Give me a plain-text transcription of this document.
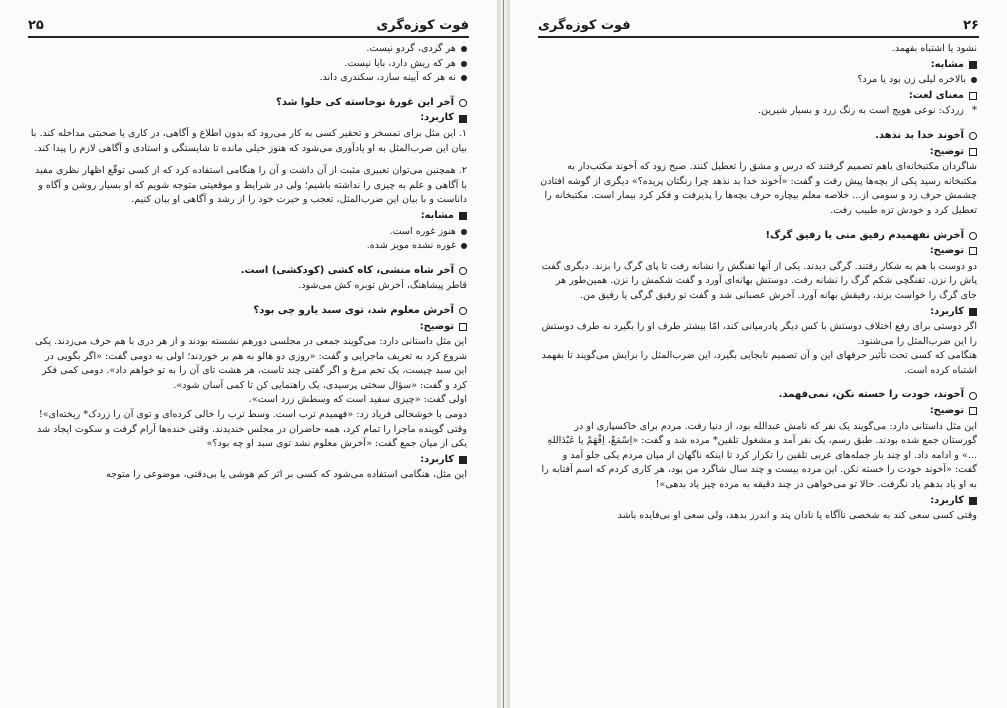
۲۵	فوت کوزه‌گری
هر گردی، گردو نیست.
هر که ریش دارد، بابا نیست.
نه هر که آیینه سازد، سکندری داند.
آخر این غورهٔ نوخاسته کی حلوا شد؟
کاربرد:

۱. این مثل برای تمسخر و تحقیر کسی به کار می‌رود که بدون اطلاع و آگاهی، در کاری یا صحبتی مداخله کند. با بیان این ضرب‌المثل به او یادآوری می‌شود که هنوز خیلی مانده تا شایستگی و استادی و آگاهی لازم را پیدا کند.

۲. همچنین می‌توان تعبیری مثبت از آن داشت و آن را هنگامی استفاده کرد که از کسی توقّع اظهار نظری مفید با آگاهی و علم به چیزی را نداشته باشیم؛ ولی در شرایط و موقعیتی متوجه شویم که او بسیار روشن و آگاه و داناست و با بیان این ضرب‌المثل، تعجب و حیرت خود را از رشد و آگاهی او بیان کنیم.

مشابه:
هنوز غوره است.
غوره نشده مویز شده.
آخر شاه منشی، کاه کشی (کودکشی) است.

قاطر پیشاهنگ، آخرش توبره کش می‌شود.

آخرش معلوم شد، توی سبد یارو چی بود؟
توضیح:

این مثل داستانی دارد: می‌گویند جمعی در مجلسی دورهم نشسته بودند و از هر دری با هم حرف می‌زدند. یکی شروع کرد به تعریف ماجرایی و گفت: «روزی دو هالو به هم بر خوردند؛ اولی به دومی گفت: «اگر بگویی در این سبد چیست، یک تخم مرغ و اگر گفتی چند تاست، هر هشت تای آن را به تو خواهم داد». دومی کمی فکر کرد و گفت: «سؤال سختی پرسیدی، یک راهنمایی کن تا کمی آسان شود».

اولی گفت: «چیزی سفید است که وسطش زرد است».

دومی با خوشحالی فریاد زد: «فهمیدم ترب است. وسط ترب را خالی کرده‌ای و توی آن را زردک* ریخته‌ای»!

وقتی گوینده ماجرا را تمام کرد، همه حاضران در مجلس خندیدند. وقتی خنده‌ها آرام گرفت و سکوت ایجاد شد یکی از میان جمع گفت: «آخرش معلوم نشد توی سبد او چه بود؟»

کاربرد:

این مثل، هنگامی استفاده می‌شود که کسی بر اثر کم هوشی یا بی‌دقتی، موضوعی را متوجه

فوت کوزه‌گری	۲۶

نشود یا اشتباه بفهمد.

مشابه:
بالاخره لیلی زن بود یا مرد؟
معنای لغت:
*
زردک: نوعی هویج است به رنگ زرد و بسیار شیرین.
آخوند خدا بد نذهد.
توضیح:

شاگردان مکتبخانه‌ای باهم تصمیم گرفتند که درس و مشق را تعطیل کنند. صبح زود که آخوند مکتب‌دار به مکتبخانه رسید یکی از بچه‌ها پیش رفت و گفت: «آخوند خدا بد نذهد چرا رنگتان پریده؟» دیگری از گوشه افتادن چشمش حرف زد و سومی از... خلاصه معلم بیچاره حرف بچه‌ها را پذیرفت و فکر کرد بیمار است. مکتبخانه را تعطیل کرد و خودش تزه طبیب رفت.

آخرش نفهمیدم رفیق منی یا رفیق گرگ!
توضیح:

دو دوست با هم به شکار رفتند. گرگی دیدند. یکی از آنها تفنگش را نشانه رفت تا پای گرگ را بزند. دیگری گفت پاش را نزن. تفنگچی شکم گرگ را نشانه رفت. دوستش بهانه‌ای آورد و گفت شکمش را نزن. همین‌طور هر جای گرگ را خواست بزند، رفیقش بهانه آورد. آخرش عصبانی شد و گفت تو رفیق گرگی یا رفیق من.

کاربرد:

اگر دوستی برای رفع اختلاف دوستش با کس دیگر پادرمیانی کند، امّا بیشتر طرف او را بگیرد نه طرف دوستش را این ضرب‌المثل را می‌شنود.

هنگامی که کسی تحت تأثیر حرفهای این و آن تصمیم نابجایی بگیرد، این ضرب‌المثل را برایش می‌گویند تا بفهمد اشتباه کرده است.

آخوند، خودت را خسته نکن، نمی‌فهمد.
توضیح:

این مثل داستانی دارد: می‌گویند یک نفر که نامش عبدالله بود، از دنیا رفت. مردم برای خاکسپاری او در گورستان جمع شده بودند. طبق رسم، یک نفر آمد و مشغول تلقین* مرده شد و گفت: «اِسْمَعْ، اِفْهَمْ یا عَبْدَاللهِ ...» و ادامه داد. او چند بار جمله‌های عربی تلقین را تکرار کرد تا اینکه ناگهان از میان مردم یکی جلو آمد و گفت: «آخوند خودت را خسته نکن. این مرده بیست و چند سال شاگرد من بود، هر کاری کردم که اسم آفتابه را به او یاد بدهم یاد نگرفت. حالا تو می‌خواهی در چند دقیقه به مرده چیز یاد بدهی»!

کاربرد:

وقتی کسی سعی کند به شخصی ناآگاه یا نادان پند و اندرز بدهد، ولی سعی او بی‌فایده باشد
